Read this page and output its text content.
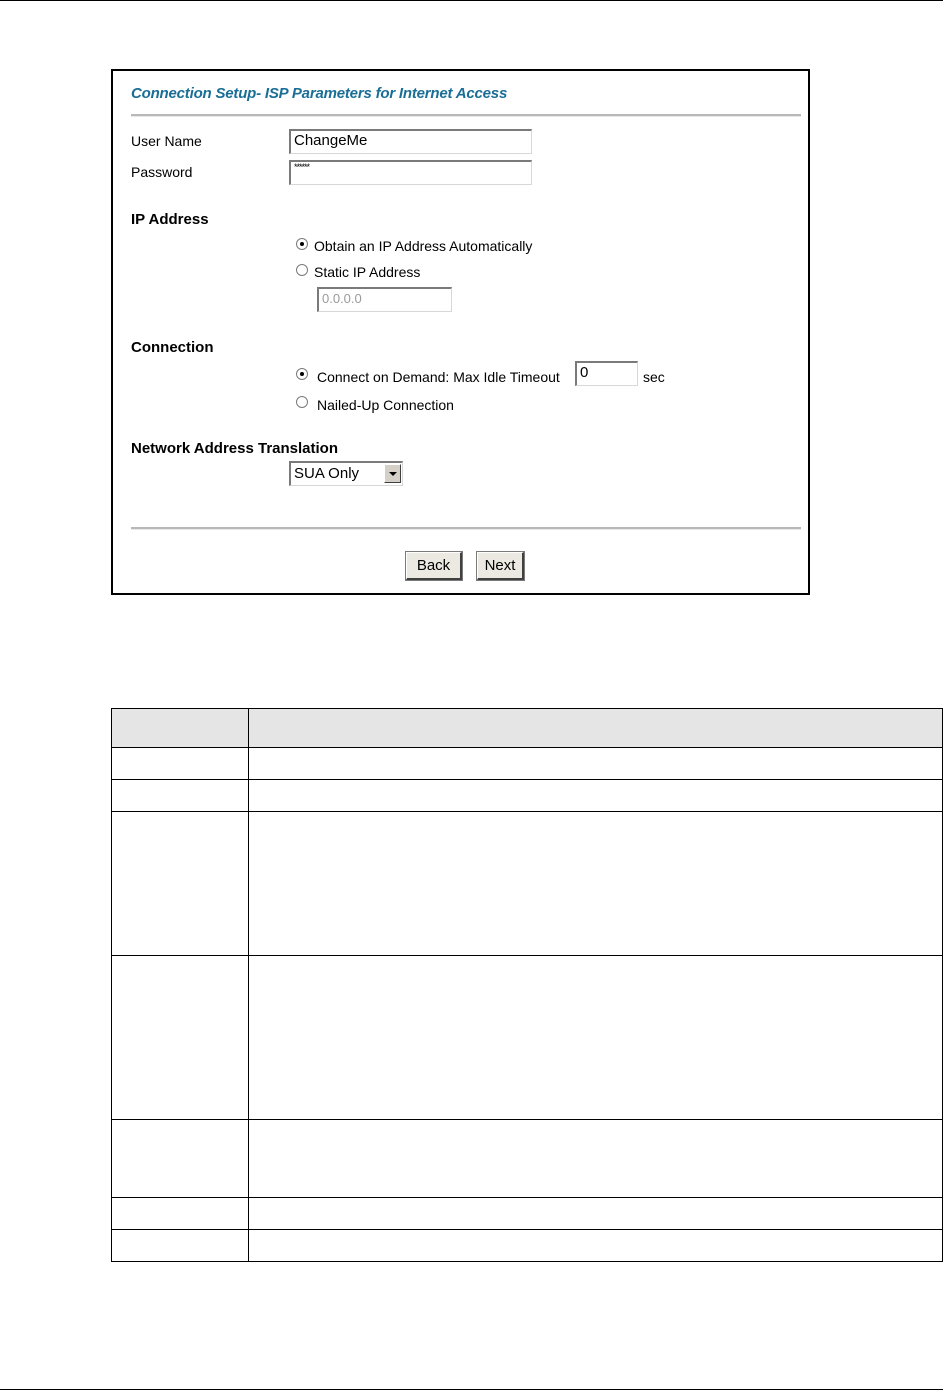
Connection Setup- ISP Parameters for Internet Access
User Name	ChangeMe
Password	******
IP Address
Obtain an IP Address Automatically
Static IP Address
0.0.0.0
Connection
Connect on Demand: Max Idle Timeout	0	sec
Nailed-Up Connection
Network Address Translation
SUA Only
Back	Next
